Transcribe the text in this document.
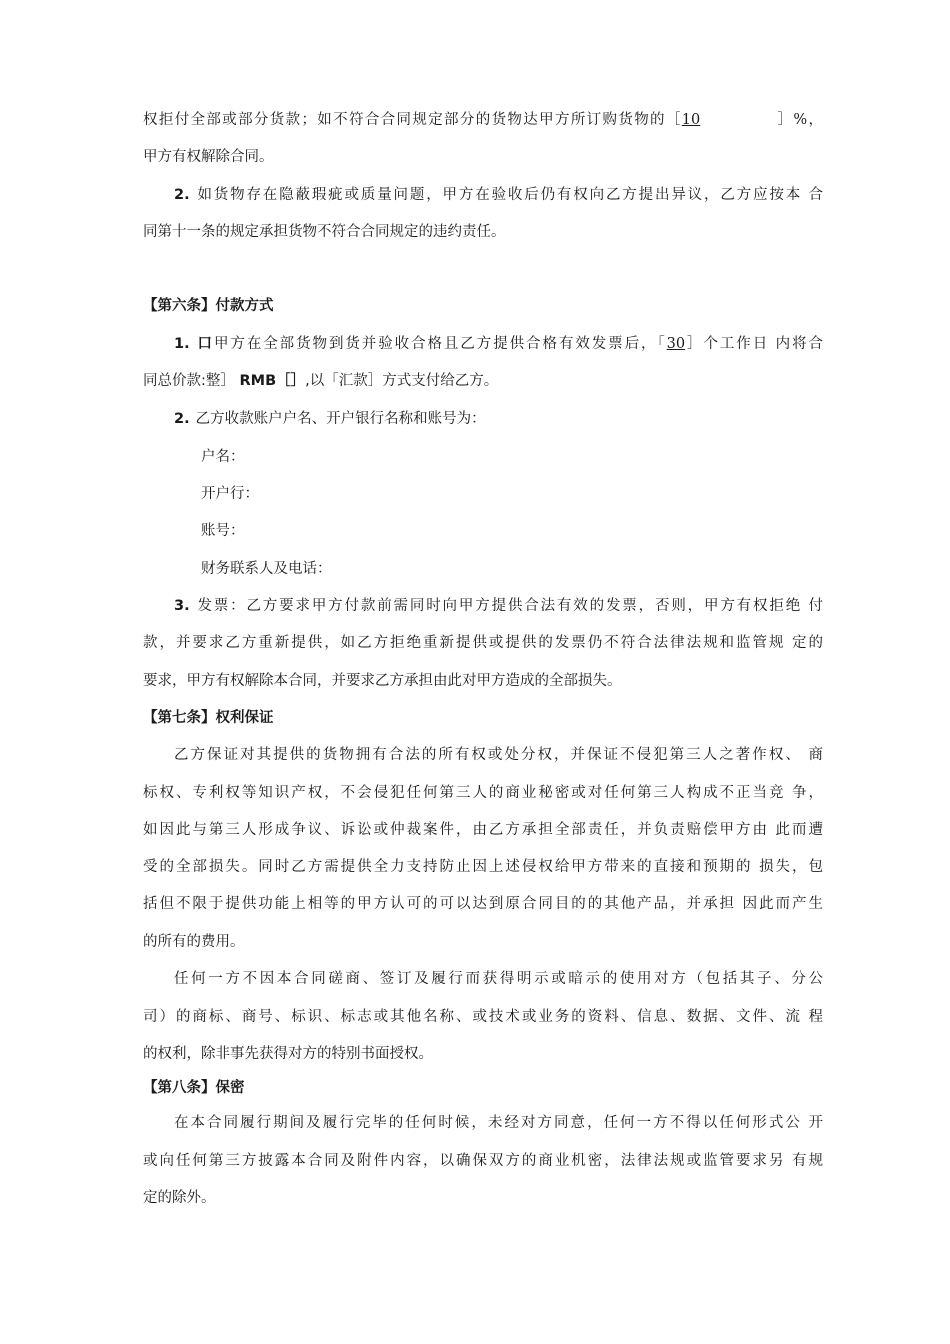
权拒付全部或部分货款；如不符合合同规定部分的货物达甲方所订购货物的［10	］%，
甲方有权解除合同。
2. 如货物存在隐蔽瑕疵或质量问题，甲方在验收后仍有权向乙方提出异议，乙方应按本 合
同第十一条的规定承担货物不符合合同规定的违约责任。
【第六条】付款方式
1. 口甲方在全部货物到货并验收合格且乙方提供合格有效发票后，「30］个工作日 内将合
同总价款:整］ RMB［］,以「汇款］方式支付给乙方。
2. 乙方收款账户户名、开户银行名称和账号为：
户名：
开户行：
账号：
财务联系人及电话：
3. 发票：乙方要求甲方付款前需同时向甲方提供合法有效的发票，否则，甲方有权拒绝 付
款，并要求乙方重新提供，如乙方拒绝重新提供或提供的发票仍不符合法律法规和监管规 定的
要求，甲方有权解除本合同，并要求乙方承担由此对甲方造成的全部损失。
【第七条】权利保证
乙方保证对其提供的货物拥有合法的所有权或处分权，并保证不侵犯第三人之著作权、 商
标权、专利权等知识产权，不会侵犯任何第三人的商业秘密或对任何第三人构成不正当竞 争，
如因此与第三人形成争议、诉讼或仲裁案件，由乙方承担全部责任，并负责赔偿甲方由 此而遭
受的全部损失。同时乙方需提供全力支持防止因上述侵权给甲方带来的直接和预期的 损失，包
括但不限于提供功能上相等的甲方认可的可以达到原合同目的的其他产品，并承担 因此而产生
的所有的费用。
任何一方不因本合同磋商、签订及履行而获得明示或暗示的使用对方（包括其子、分公
司）的商标、商号、标识、标志或其他名称、或技术或业务的资料、信息、数据、文件、流 程
的权利，除非事先获得对方的特别书面授权。
【第八条】保密
在本合同履行期间及履行完毕的任何时候，未经对方同意，任何一方不得以任何形式公 开
或向任何第三方披露本合同及附件内容，以确保双方的商业机密，法律法规或监管要求另 有规
定的除外。
